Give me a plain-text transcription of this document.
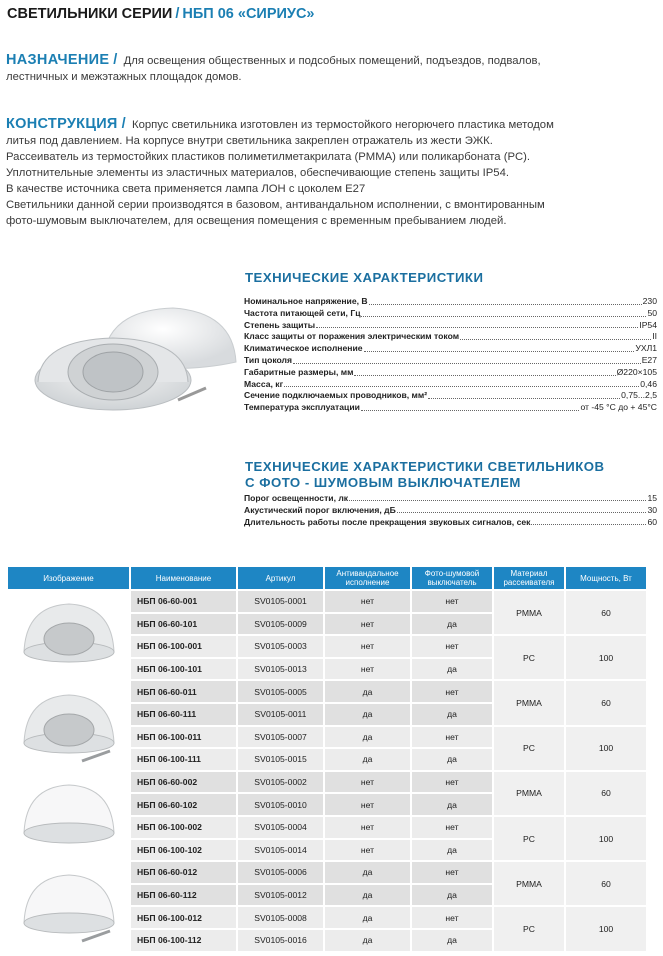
СВЕТИЛЬНИКИ СЕРИИ / НБП 06 «СИРИУС»
НАЗНАЧЕНИЕ / Для освещения общественных и подсобных помещений, подъездов, подвалов,
лестничных и межэтажных площадок домов.
КОНСТРУКЦИЯ / Корпус светильника изготовлен из термостойкого негорючего пластика методом
литья под давлением. На корпусе внутри светильника закреплен отражатель из жести ЭЖК.
Рассеиватель из термостойких пластиков полиметилметакрилата (PMMA) или поликарбоната (PC).
Уплотнительные элементы из эластичных материалов, обеспечивающие степень защиты IP54.
В качестве источника света применяется лампа ЛОН с цоколем Е27
Светильники данной серии производятся в базовом, антивандальном исполнении, с вмонтированным
фото-шумовым выключателем, для освещения помещения с временным пребыванием людей.
ТЕХНИЧЕСКИЕ ХАРАКТЕРИСТИКИ
Номинальное напряжение, В	230
Частота питающей сети, Гц	50
Степень защиты	IP54
Класс защиты от поражения электрическим током	II
Климатическое исполнение	УХЛ1
Тип цоколя	E27
Габаритные размеры, мм	Ø220×105
Масса, кг	0,46
Сечение подключаемых проводников, мм²	0,75...2,5
Температура эксплуатации	от -45 °С до + 45°С
ТЕХНИЧЕСКИЕ ХАРАКТЕРИСТИКИ СВЕТИЛЬНИКОВ
С ФОТО - ШУМОВЫМ ВЫКЛЮЧАТЕЛЕМ
Порог освещенности, лк	15
Акустический порог включения, дБ	30
Длительность работы после прекращения звуковых сигналов, сек	60
Изображение	Наименование	Артикул	Антивандальное исполнение	Фото-шумовой выключатель	Материал рассеивателя	Мощность, Вт
	НБП 06-60-001	SV0105-0001	нет	нет	PMMA	60
	НБП 06-60-101	SV0105-0009	нет	да		
	НБП 06-100-001	SV0105-0003	нет	нет	PC	100
	НБП 06-100-101	SV0105-0013	нет	да		
	НБП 06-60-011	SV0105-0005	да	нет	PMMA	60
	НБП 06-60-111	SV0105-0011	да	да		
	НБП 06-100-011	SV0105-0007	да	нет	PC	100
	НБП 06-100-111	SV0105-0015	да	да		
	НБП 06-60-002	SV0105-0002	нет	нет	PMMA	60
	НБП 06-60-102	SV0105-0010	нет	да		
	НБП 06-100-002	SV0105-0004	нет	нет	PC	100
	НБП 06-100-102	SV0105-0014	нет	да		
	НБП 06-60-012	SV0105-0006	да	нет	PMMA	60
	НБП 06-60-112	SV0105-0012	да	да		
	НБП 06-100-012	SV0105-0008	да	нет	PC	100
	НБП 06-100-112	SV0105-0016	да	да		
